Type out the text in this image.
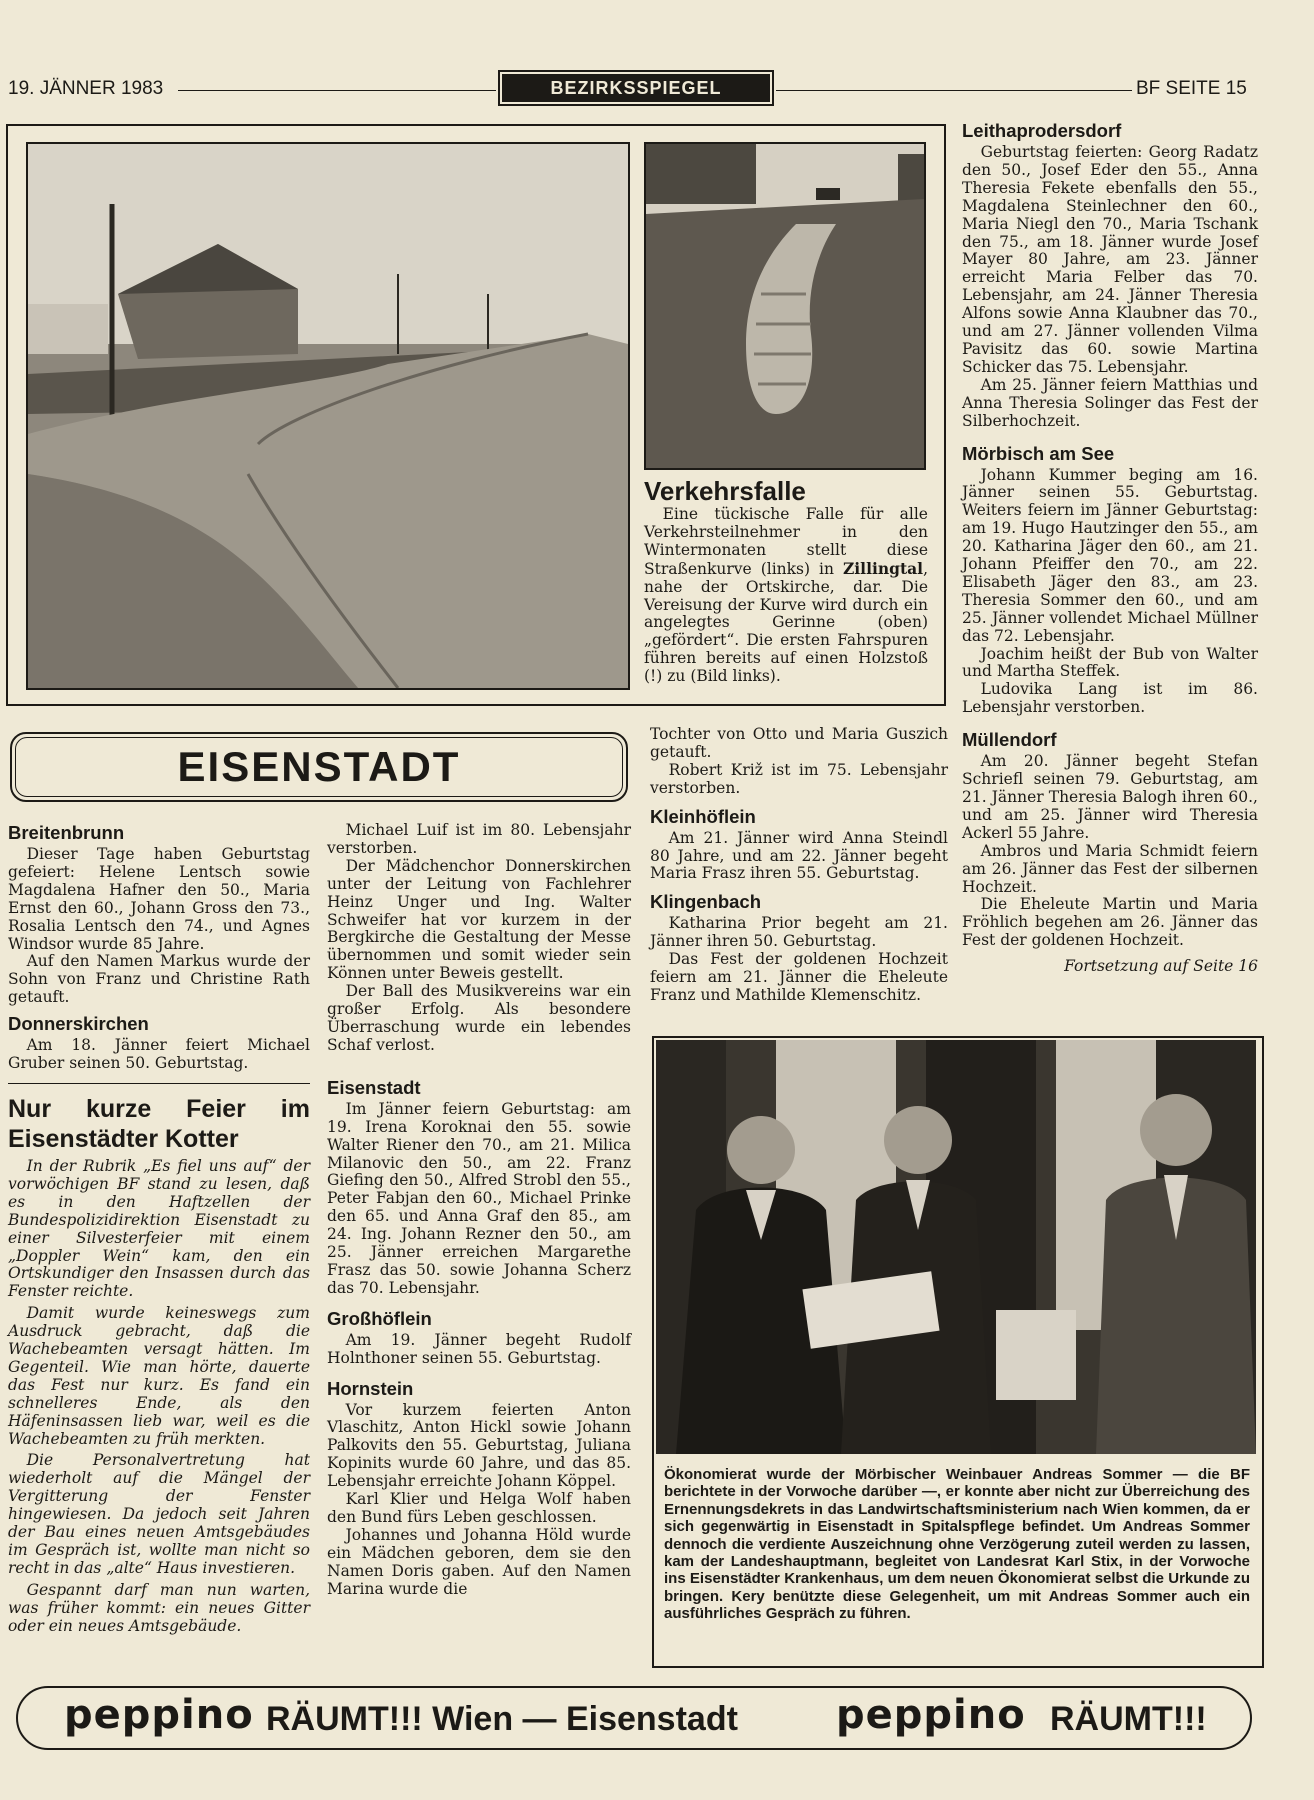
19. JÄNNER 1983	BEZIRKSSPIEGEL	BF SEITE 15
Verkehrsfalle

Eine tückische Falle für alle Verkehrsteilnehmer in den Wintermonaten stellt diese Straßenkurve (links) in Zillingtal, nahe der Ortskirche, dar. Die Vereisung der Kurve wird durch ein angelegtes Gerinne (oben) „gefördert“. Die ersten Fahrspuren führen bereits auf einen Holzstoß (!) zu (Bild links).

EISENSTADT
Breitenbrunn

Dieser Tage haben Geburtstag gefeiert: Helene Lentsch sowie Magdalena Hafner den 50., Maria Ernst den 60., Johann Gross den 73., Rosalia Lentsch den 74., und Agnes Windsor wurde 85 Jahre.

Auf den Namen Markus wurde der Sohn von Franz und Christine Rath getauft.

Donnerskirchen

Am 18. Jänner feiert Michael Gruber seinen 50. Geburtstag.

Nur kurze Feier im Eisenstädter Kotter

In der Rubrik „Es fiel uns auf“ der vorwöchigen BF stand zu lesen, daß es in den Haftzellen der Bundespolizidirektion Eisenstadt zu einer Silvesterfeier mit einem „Doppler Wein“ kam, den ein Ortskundiger den Insassen durch das Fenster reichte.

Damit wurde keineswegs zum Ausdruck gebracht, daß die Wachebeamten versagt hätten. Im Gegenteil. Wie man hörte, dauerte das Fest nur kurz. Es fand ein schnelleres Ende, als den Häfeninsassen lieb war, weil es die Wachebeamten zu früh merkten.

Die Personalvertretung hat wiederholt auf die Mängel der Vergitterung der Fenster hingewiesen. Da jedoch seit Jahren der Bau eines neuen Amtsgebäudes im Gespräch ist, wollte man nicht so recht in das „alte“ Haus investieren.

Gespannt darf man nun warten, was früher kommt: ein neues Gitter oder ein neues Amtsgebäude.

Michael Luif ist im 80. Lebensjahr verstorben.

Der Mädchenchor Donnerskirchen unter der Leitung von Fachlehrer Heinz Unger und Ing. Walter Schweifer hat vor kurzem in der Bergkirche die Gestaltung der Messe übernommen und somit wieder sein Können unter Beweis gestellt.

Der Ball des Musikvereins war ein großer Erfolg. Als besondere Überraschung wurde ein lebendes Schaf verlost.

Eisenstadt

Im Jänner feiern Geburtstag: am 19. Irena Koroknai den 55. sowie Walter Riener den 70., am 21. Milica Milanovic den 50., am 22. Franz Giefing den 50., Alfred Strobl den 55., Peter Fabjan den 60., Michael Prinke den 65. und Anna Graf den 85., am 24. Ing. Johann Rezner den 50., am 25. Jänner erreichen Margarethe Frasz das 50. sowie Johanna Scherz das 70. Lebensjahr.

Großhöflein

Am 19. Jänner begeht Rudolf Holnthoner seinen 55. Geburtstag.

Hornstein

Vor kurzem feierten Anton Vlaschitz, Anton Hickl sowie Johann Palkovits den 55. Geburtstag, Juliana Kopinits wurde 60 Jahre, und das 85. Lebensjahr erreichte Johann Köppel.

Karl Klier und Helga Wolf haben den Bund fürs Leben geschlossen.

Johannes und Johanna Höld wurde ein Mädchen geboren, dem sie den Namen Doris gaben. Auf den Namen Marina wurde die

Tochter von Otto und Maria Guszich getauft.

Robert Križ ist im 75. Lebensjahr verstorben.

Kleinhöflein

Am 21. Jänner wird Anna Steindl 80 Jahre, und am 22. Jänner begeht Maria Frasz ihren 55. Geburtstag.

Klingenbach

Katharina Prior begeht am 21. Jänner ihren 50. Geburtstag.

Das Fest der goldenen Hochzeit feiern am 21. Jänner die Eheleute Franz und Mathilde Klemenschitz.

Leithaprodersdorf

Geburtstag feierten: Georg Radatz den 50., Josef Eder den 55., Anna Theresia Fekete ebenfalls den 55., Magdalena Steinlechner den 60., Maria Niegl den 70., Maria Tschank den 75., am 18. Jänner wurde Josef Mayer 80 Jahre, am 23. Jänner erreicht Maria Felber das 70. Lebensjahr, am 24. Jänner Theresia Alfons sowie Anna Klaubner das 70., und am 27. Jänner vollenden Vilma Pavisitz das 60. sowie Martina Schicker das 75. Lebensjahr.

Am 25. Jänner feiern Matthias und Anna Theresia Solinger das Fest der Silberhochzeit.

Mörbisch am See

Johann Kummer beging am 16. Jänner seinen 55. Geburtstag. Weiters feiern im Jänner Geburtstag: am 19. Hugo Hautzinger den 55., am 20. Katharina Jäger den 60., am 21. Johann Pfeiffer den 70., am 22. Elisabeth Jäger den 83., am 23. Theresia Sommer den 60., und am 25. Jänner vollendet Michael Müllner das 72. Lebensjahr.

Joachim heißt der Bub von Walter und Martha Steffek.

Ludovika Lang ist im 86. Lebensjahr verstorben.

Müllendorf

Am 20. Jänner begeht Stefan Schriefl seinen 79. Geburtstag, am 21. Jänner Theresia Balogh ihren 60., und am 25. Jänner wird Theresia Ackerl 55 Jahre.

Ambros und Maria Schmidt feiern am 26. Jänner das Fest der silbernen Hochzeit.

Die Eheleute Martin und Maria Fröhlich begehen am 26. Jänner das Fest der goldenen Hochzeit.

Fortsetzung auf Seite 16

Ökonomierat wurde der Mörbischer Weinbauer Andreas Sommer — die BF berichtete in der Vorwoche darüber —, er konnte aber nicht zur Überreichung des Ernennungsdekrets in das Landwirtschaftsministerium nach Wien kommen, da er sich gegenwärtig in Eisenstadt in Spitalspflege befindet. Um Andreas Sommer dennoch die verdiente Auszeichnung ohne Verzögerung zuteil werden zu lassen, kam der Landeshauptmann, begleitet von Landesrat Karl Stix, in der Vorwoche ins Eisenstädter Krankenhaus, um dem neuen Ökonomierat selbst die Urkunde zu bringen. Kery benützte diese Gelegenheit, um mit Andreas Sommer auch ein ausführliches Gespräch zu führen.
peppino RÄUMT!!! Wien — Eisenstadt peppino RÄUMT!!!
